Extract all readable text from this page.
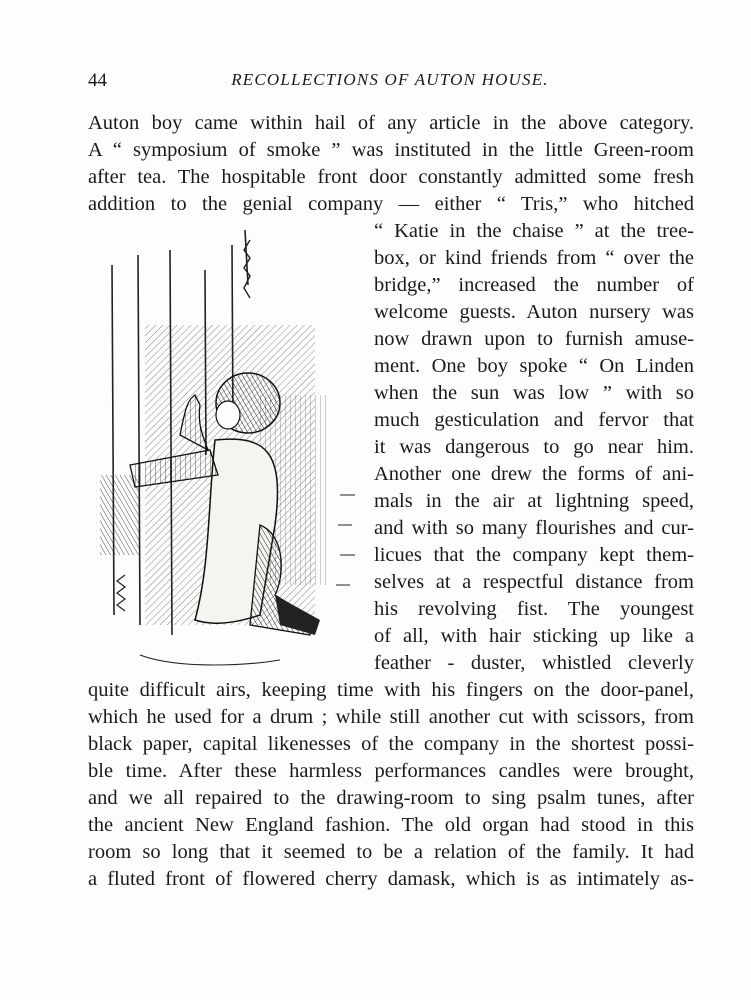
44	RECOLLECTIONS OF AUTON HOUSE.
Auton boy came within hail of any article in the above category.
A “ symposium of smoke ” was instituted in the little Green-room
after tea. The hospitable front door constantly admitted some fresh
addition to the genial company — either “ Tris,” who hitched
“ Katie in the chaise ” at the tree-
box, or kind friends from “ over the
bridge,” increased the number of
welcome guests. Auton nursery was
now drawn upon to furnish amuse-
ment. One boy spoke “ On Linden
when the sun was low ” with so
much gesticulation and fervor that
it was dangerous to go near him.
Another one drew the forms of ani-
mals in the air at lightning speed,
and with so many flourishes and cur-
licues that the company kept them-
selves at a respectful distance from
his revolving fist. The youngest
of all, with hair sticking up like a
feather - duster, whistled cleverly
quite difficult airs, keeping time with his fingers on the door-panel,
which he used for a drum ; while still another cut with scissors, from
black paper, capital likenesses of the company in the shortest possi-
ble time. After these harmless performances candles were brought,
and we all repaired to the drawing-room to sing psalm tunes, after
the ancient New England fashion. The old organ had stood in this
room so long that it seemed to be a relation of the family. It had
a fluted front of flowered cherry damask, which is as intimately as-
